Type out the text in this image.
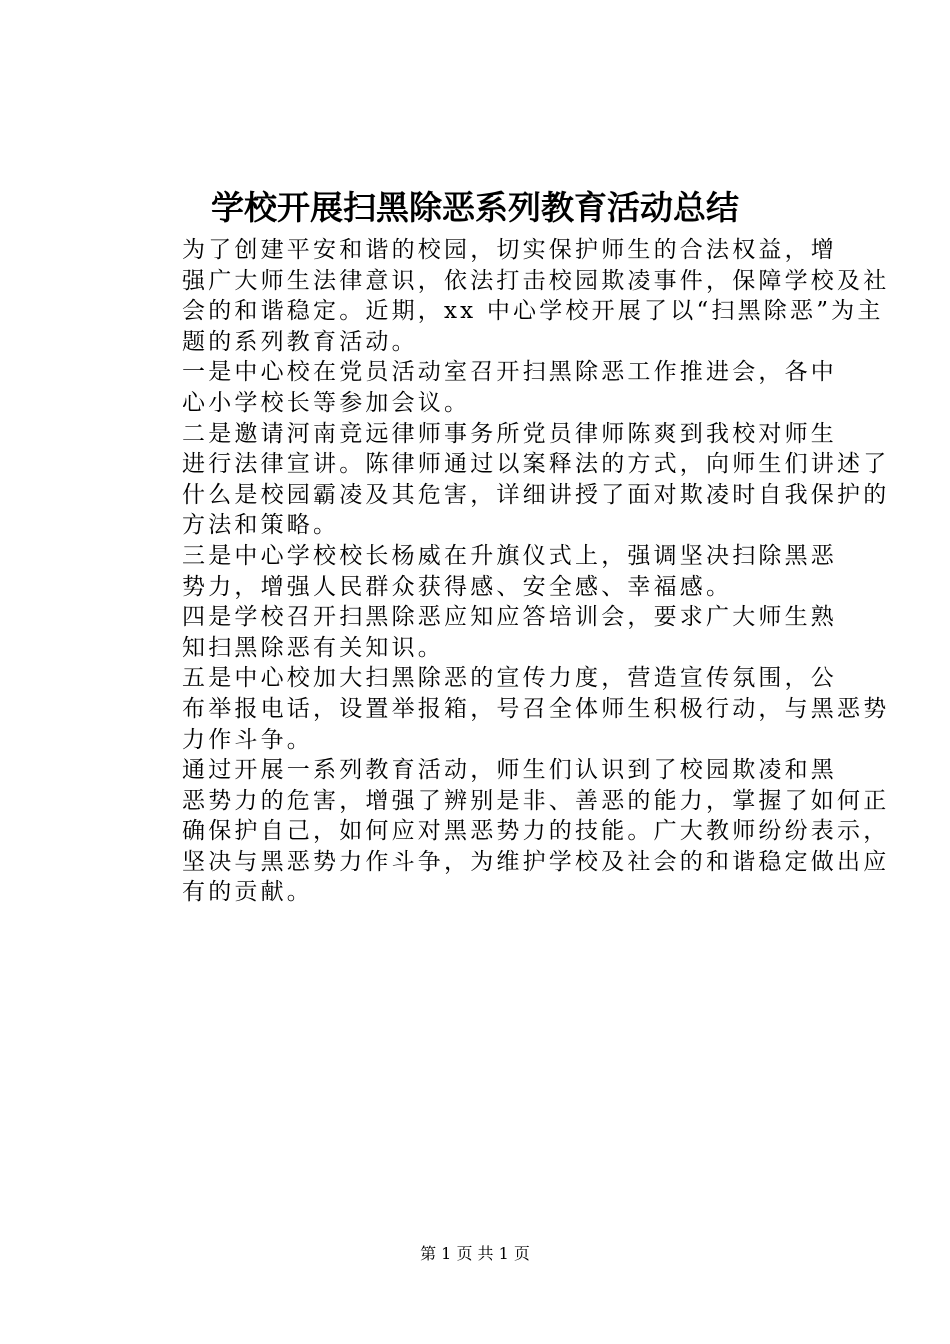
学校开展扫黑除恶系列教育活动总结

为了创建平安和谐的校园，切实保护师生的合法权益，增
强广大师生法律意识，依法打击校园欺凌事件，保障学校及社
会的和谐稳定。近期，xx 中心学校开展了以“扫黑除恶”为主
题的系列教育活动。

一是中心校在党员活动室召开扫黑除恶工作推进会，各中
心小学校长等参加会议。

二是邀请河南竞远律师事务所党员律师陈爽到我校对师生
进行法律宣讲。陈律师通过以案释法的方式，向师生们讲述了
什么是校园霸凌及其危害，详细讲授了面对欺凌时自我保护的
方法和策略。

三是中心学校校长杨威在升旗仪式上，强调坚决扫除黑恶
势力，增强人民群众获得感、安全感、幸福感。

四是学校召开扫黑除恶应知应答培训会，要求广大师生熟
知扫黑除恶有关知识。

五是中心校加大扫黑除恶的宣传力度，营造宣传氛围，公
布举报电话，设置举报箱，号召全体师生积极行动，与黑恶势
力作斗争。

通过开展一系列教育活动，师生们认识到了校园欺凌和黑
恶势力的危害，增强了辨别是非、善恶的能力，掌握了如何正
确保护自己，如何应对黑恶势力的技能。广大教师纷纷表示，
坚决与黑恶势力作斗争，为维护学校及社会的和谐稳定做出应
有的贡献。

第 1 页 共 1 页
